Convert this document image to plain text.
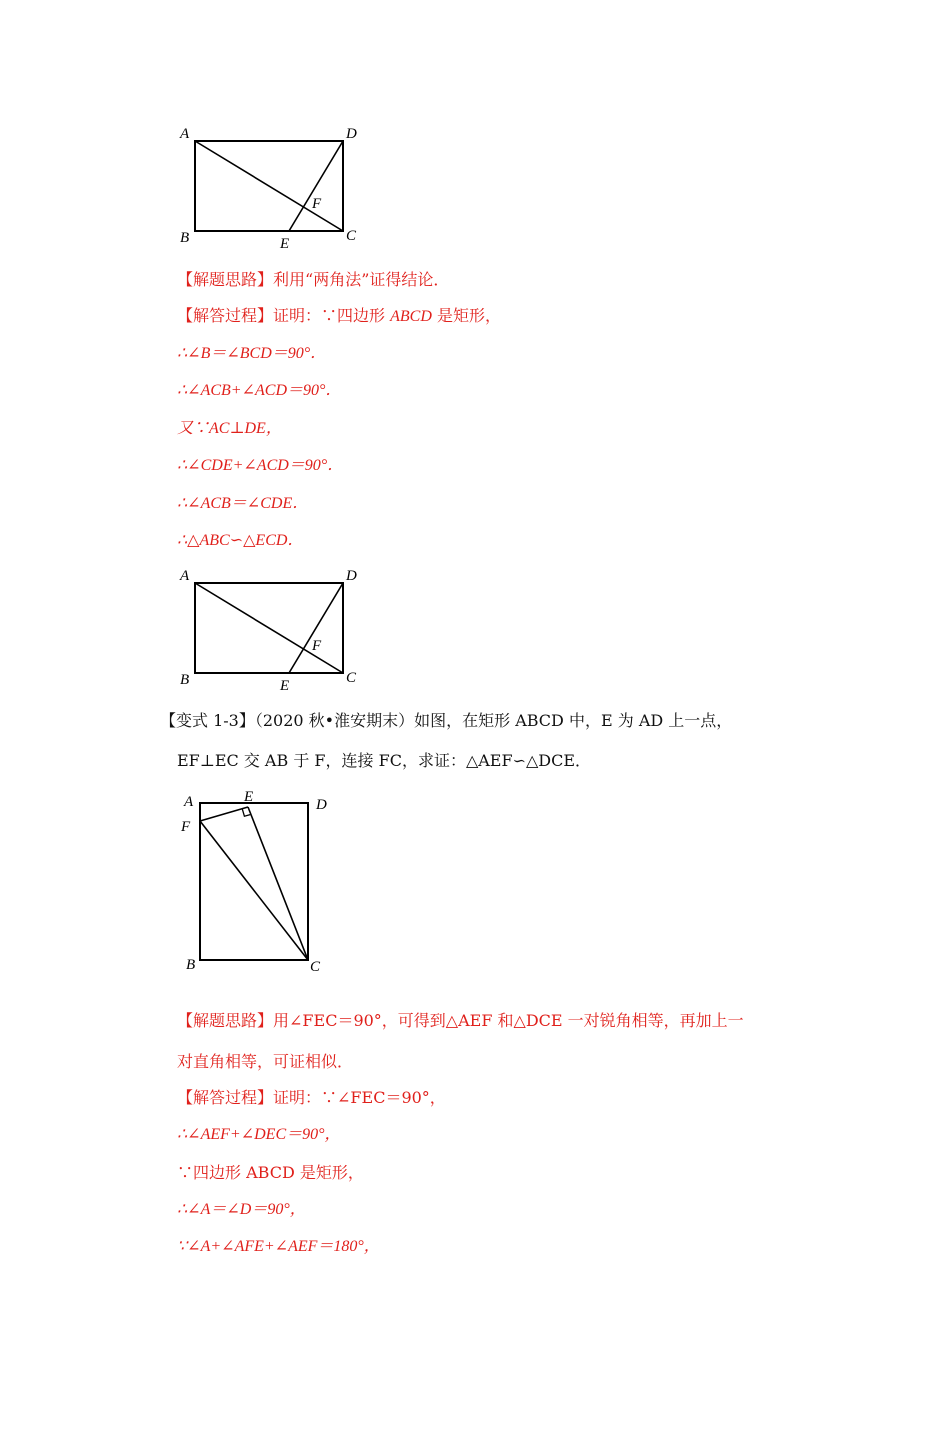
A	D
B	C
E
F
【解题思路】利用“两角法”证得结论．
【解答过程】证明：∵四边形 ABCD 是矩形，
∴∠B＝∠BCD＝90°．
∴∠ACB+∠ACD＝90°．
又∵AC⊥DE，
∴∠CDE+∠ACD＝90°．
∴∠ACB＝∠CDE．
∴△ABC∽△ECD．
A	D
B	C
E
F
【变式 1-3】（2020 秋•淮安期末）如图，在矩形 ABCD 中，E 为 AD 上一点，
EF⊥EC 交 AB 于 F，连接 FC，求证：△AEF∽△DCE．
A	E	D
F
B	C
【解题思路】用∠FEC＝90°，可得到△AEF 和△DCE 一对锐角相等，再加上一
对直角相等，可证相似．
【解答过程】证明：∵∠FEC＝90°，
∴∠AEF+∠DEC＝90°，
∵四边形 ABCD 是矩形，
∴∠A＝∠D＝90°，
∵∠A+∠AFE+∠AEF＝180°，
